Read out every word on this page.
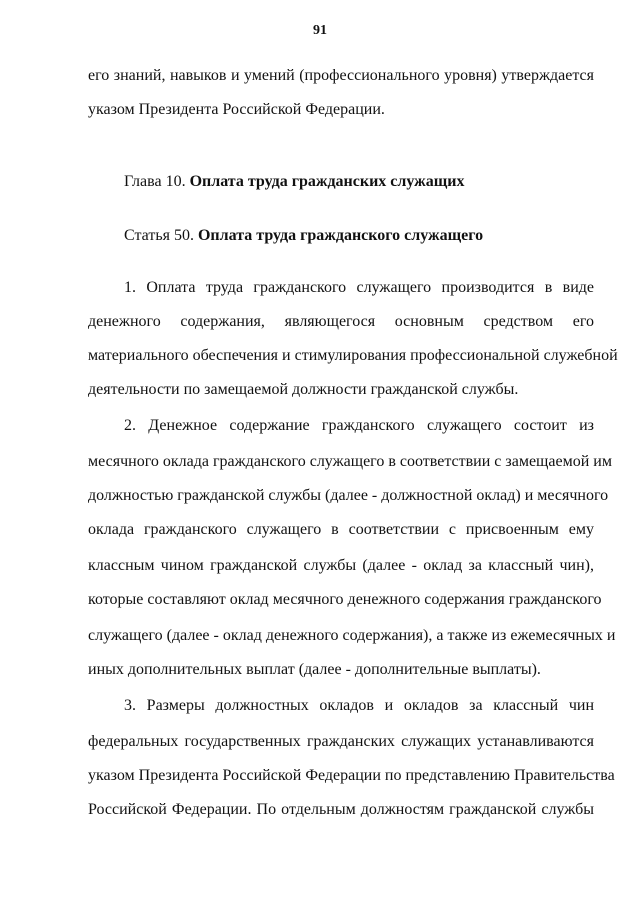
91
его знаний, навыков и умений (профессионального уровня) утверждается
указом Президента Российской Федерации.
Глава 10. Оплата труда гражданских служащих
Статья 50. Оплата труда гражданского служащего
1. Оплата труда гражданского служащего производится в виде
денежного содержания, являющегося основным средством его
материального обеспечения и стимулирования профессиональной служебной
деятельности по замещаемой должности гражданской службы.
2. Денежное содержание гражданского служащего состоит из
месячного оклада гражданского служащего в соответствии с замещаемой им
должностью гражданской службы (далее - должностной оклад) и месячного
оклада гражданского служащего в соответствии с присвоенным ему
классным чином гражданской службы (далее - оклад за классный чин),
которые составляют оклад месячного денежного содержания гражданского
служащего (далее - оклад денежного содержания), а также из ежемесячных и
иных дополнительных выплат (далее - дополнительные выплаты).
3. Размеры должностных окладов и окладов за классный чин
федеральных государственных гражданских служащих устанавливаются
указом Президента Российской Федерации по представлению Правительства
Российской Федерации. По отдельным должностям гражданской службы
